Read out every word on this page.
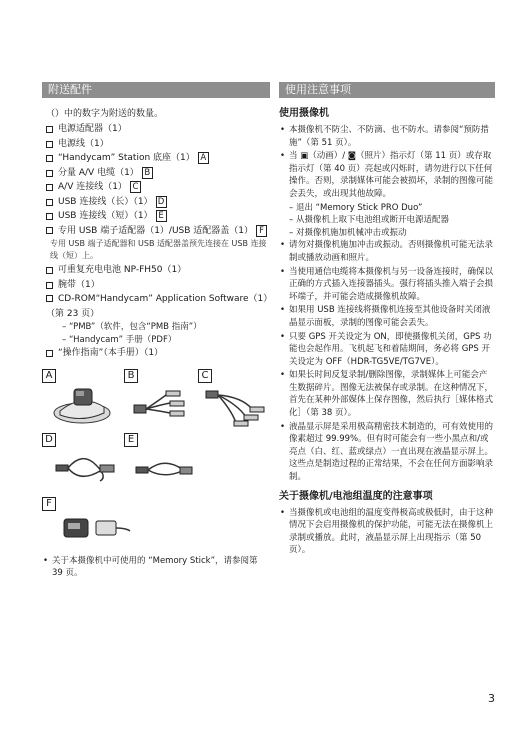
附送配件
（）中的数字为附送的数量。
电源适配器（1）
电源线（1）
“Handycam” Station 底座（1） A
分量 A/V 电缆（1） B
A/V 连接线（1） C
USB 连接线（长）（1） D
USB 连接线（短）（1） E
专用 USB 端子适配器（1）/USB 适配器盖（1） F
专用 USB 端子适配器和 USB 适配器盖预先连接在 USB 连接线（短）上。
可重复充电电池 NP-FH50（1）
腕带（1）
CD-ROM“Handycam” Application Software（1）（第 23 页）
– “PMB”（软件，包含“PMB 指南”）
– “Handycam” 手册（PDF）
“操作指南”（本手册）（1）
A	B	C
D	E
F
• 关于本摄像机中可使用的 “Memory Stick”，请参阅第 39 页。
使用注意事项
使用摄像机
• 本摄像机不防尘、不防滴、也不防水。请参阅“预防措施”（第 51 页）。
• 当 ▣（动画）/ ◙（照片）指示灯（第 11 页）或存取指示灯（第 40 页）亮起或闪烁时，请勿进行以下任何操作。否则，录制媒体可能会被损坏，录制的图像可能会丢失，或出现其他故障。
– 退出 “Memory Stick PRO Duo”
– 从摄像机上取下电池组或断开电源适配器
– 对摄像机施加机械冲击或振动
• 请勿对摄像机施加冲击或振动。否则摄像机可能无法录制或播放动画和照片。
• 当使用通信电缆将本摄像机与另一设备连接时，确保以正确的方式插入连接器插头。强行将插头推入端子会损坏端子，并可能会造成摄像机故障。
• 如果用 USB 连接线将摄像机连接至其他设备时关闭液晶显示面板，录制的图像可能会丢失。
• 只要 GPS 开关设定为 ON，即使摄像机关闭，GPS 功能也会起作用。飞机起飞和着陆期间，务必将 GPS 开关设定为 OFF（HDR-TG5VE/TG7VE）。
• 如果长时间反复录制/删除图像，录制媒体上可能会产生数据碎片。图像无法被保存或录制。在这种情况下，首先在某种外部媒体上保存图像，然后执行［媒体格式化］（第 38 页）。
• 液晶显示屏是采用极高精密技术制造的，可有效使用的像素超过 99.99%。但有时可能会有一些小黑点和/或亮点（白、红、蓝或绿点）一直出现在液晶显示屏上。这些点是制造过程的正常结果，不会在任何方面影响录制。
关于摄像机/电池组温度的注意事项
• 当摄像机或电池组的温度变得极高或极低时，由于这种情况下会启用摄像机的保护功能，可能无法在摄像机上录制或播放。此时，液晶显示屏上出现指示（第 50 页）。
3
